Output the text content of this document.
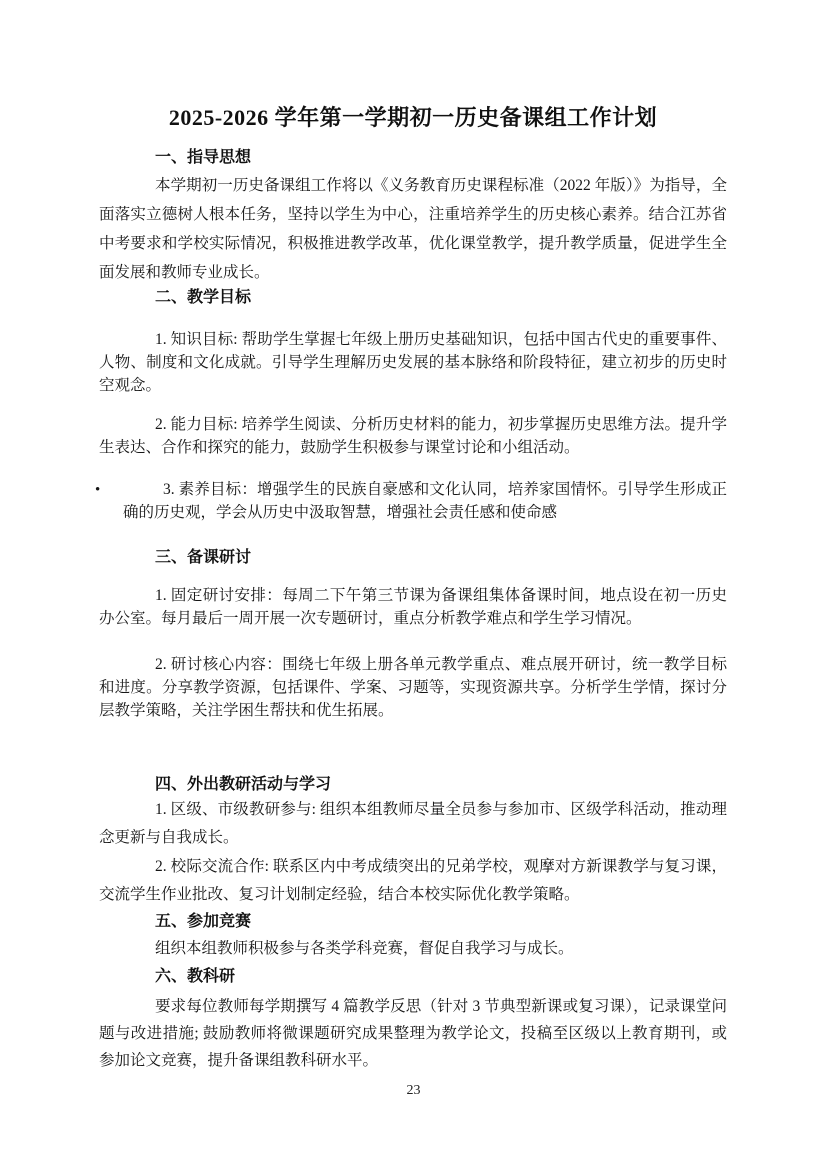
2025-2026 学年第一学期初一历史备课组工作计划
一、指导思想

本学期初一历史备课组工作将以《义务教育历史课程标准（2022 年版）》为指导，全面落实立德树人根本任务，坚持以学生为中心，注重培养学生的历史核心素养。结合江苏省中考要求和学校实际情况，积极推进教学改革，优化课堂教学，提升教学质量，促进学生全面发展和教师专业成长。

二、教学目标

1. 知识目标: 帮助学生掌握七年级上册历史基础知识，包括中国古代史的重要事件、人物、制度和文化成就。引导学生理解历史发展的基本脉络和阶段特征，建立初步的历史时空观念。

2. 能力目标: 培养学生阅读、分析历史材料的能力，初步掌握历史思维方法。提升学生表达、合作和探究的能力，鼓励学生积极参与课堂讨论和小组活动。

•	3. 素养目标：增强学生的民族自豪感和文化认同，培养家国情怀。引导学生形成正确的历史观，学会从历史中汲取智慧，增强社会责任感和使命感

三、备课研讨

1. 固定研讨安排：每周二下午第三节课为备课组集体备课时间，地点设在初一历史办公室。每月最后一周开展一次专题研讨，重点分析教学难点和学生学习情况。

2. 研讨核心内容：围绕七年级上册各单元教学重点、难点展开研讨，统一教学目标和进度。分享教学资源，包括课件、学案、习题等，实现资源共享。分析学生学情，探讨分层教学策略，关注学困生帮扶和优生拓展。

四、外出教研活动与学习

1. 区级、市级教研参与: 组织本组教师尽量全员参与参加市、区级学科活动，推动理念更新与自我成长。

2. 校际交流合作: 联系区内中考成绩突出的兄弟学校，观摩对方新课教学与复习课，交流学生作业批改、复习计划制定经验，结合本校实际优化教学策略。

五、参加竞赛

组织本组教师积极参与各类学科竞赛，督促自我学习与成长。

六、教科研

要求每位教师每学期撰写 4 篇教学反思（针对 3 节典型新课或复习课），记录课堂问题与改进措施; 鼓励教师将微课题研究成果整理为教学论文，投稿至区级以上教育期刊，或参加论文竞赛，提升备课组教科研水平。

23
